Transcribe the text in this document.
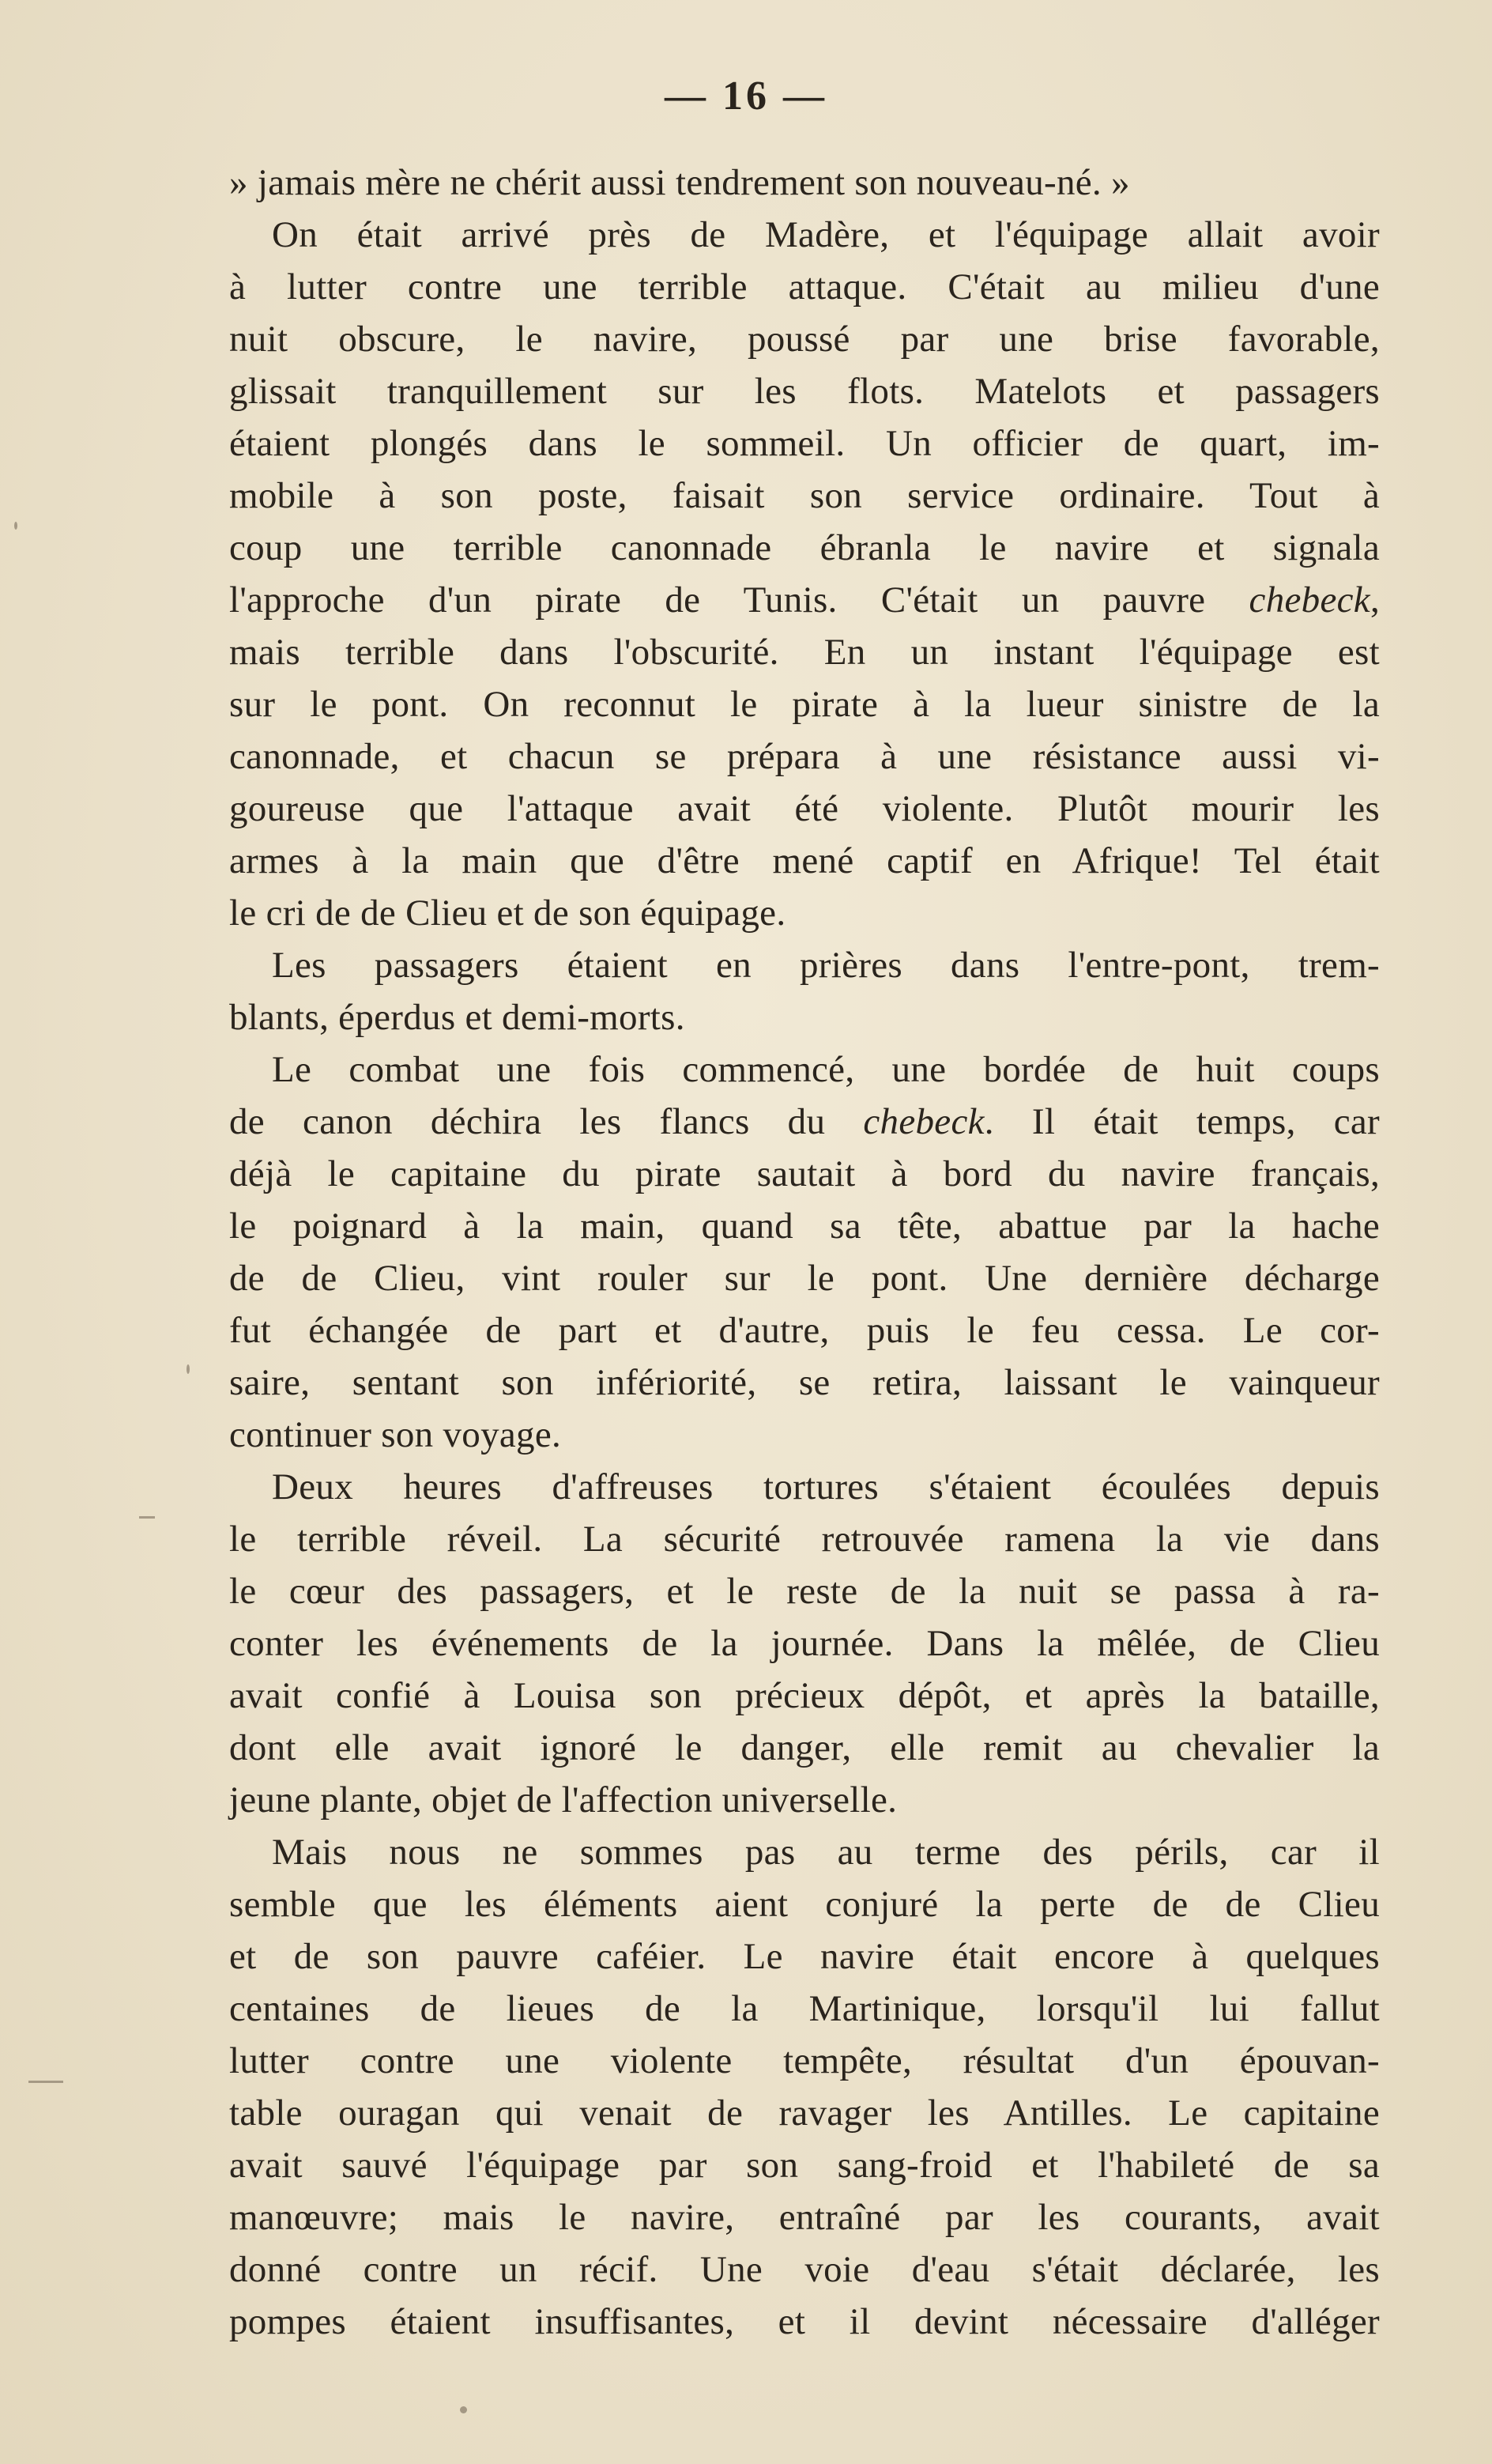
— 16 —
» jamais mère ne chérit aussi tendrement son nouveau-né. »
On était arrivé près de Madère, et l'équipage allait avoir
à lutter contre une terrible attaque. C'était au milieu d'une
nuit obscure, le navire, poussé par une brise favorable,
glissait tranquillement sur les flots. Matelots et passagers
étaient plongés dans le sommeil. Un officier de quart, im-
mobile à son poste, faisait son service ordinaire. Tout à
coup une terrible canonnade ébranla le navire et signala
l'approche d'un pirate de Tunis. C'était un pauvre chebeck,
mais terrible dans l'obscurité. En un instant l'équipage est
sur le pont. On reconnut le pirate à la lueur sinistre de la
canonnade, et chacun se prépara à une résistance aussi vi-
goureuse que l'attaque avait été violente. Plutôt mourir les
armes à la main que d'être mené captif en Afrique! Tel était
le cri de de Clieu et de son équipage.
Les passagers étaient en prières dans l'entre-pont, trem-
blants, éperdus et demi-morts.
Le combat une fois commencé, une bordée de huit coups
de canon déchira les flancs du chebeck. Il était temps, car
déjà le capitaine du pirate sautait à bord du navire français,
le poignard à la main, quand sa tête, abattue par la hache
de de Clieu, vint rouler sur le pont. Une dernière décharge
fut échangée de part et d'autre, puis le feu cessa. Le cor-
saire, sentant son infériorité, se retira, laissant le vainqueur
continuer son voyage.
Deux heures d'affreuses tortures s'étaient écoulées depuis
le terrible réveil. La sécurité retrouvée ramena la vie dans
le cœur des passagers, et le reste de la nuit se passa à ra-
conter les événements de la journée. Dans la mêlée, de Clieu
avait confié à Louisa son précieux dépôt, et après la bataille,
dont elle avait ignoré le danger, elle remit au chevalier la
jeune plante, objet de l'affection universelle.
Mais nous ne sommes pas au terme des périls, car il
semble que les éléments aient conjuré la perte de de Clieu
et de son pauvre caféier. Le navire était encore à quelques
centaines de lieues de la Martinique, lorsqu'il lui fallut
lutter contre une violente tempête, résultat d'un épouvan-
table ouragan qui venait de ravager les Antilles. Le capitaine
avait sauvé l'équipage par son sang-froid et l'habileté de sa
manœuvre; mais le navire, entraîné par les courants, avait
donné contre un récif. Une voie d'eau s'était déclarée, les
pompes étaient insuffisantes, et il devint nécessaire d'alléger
